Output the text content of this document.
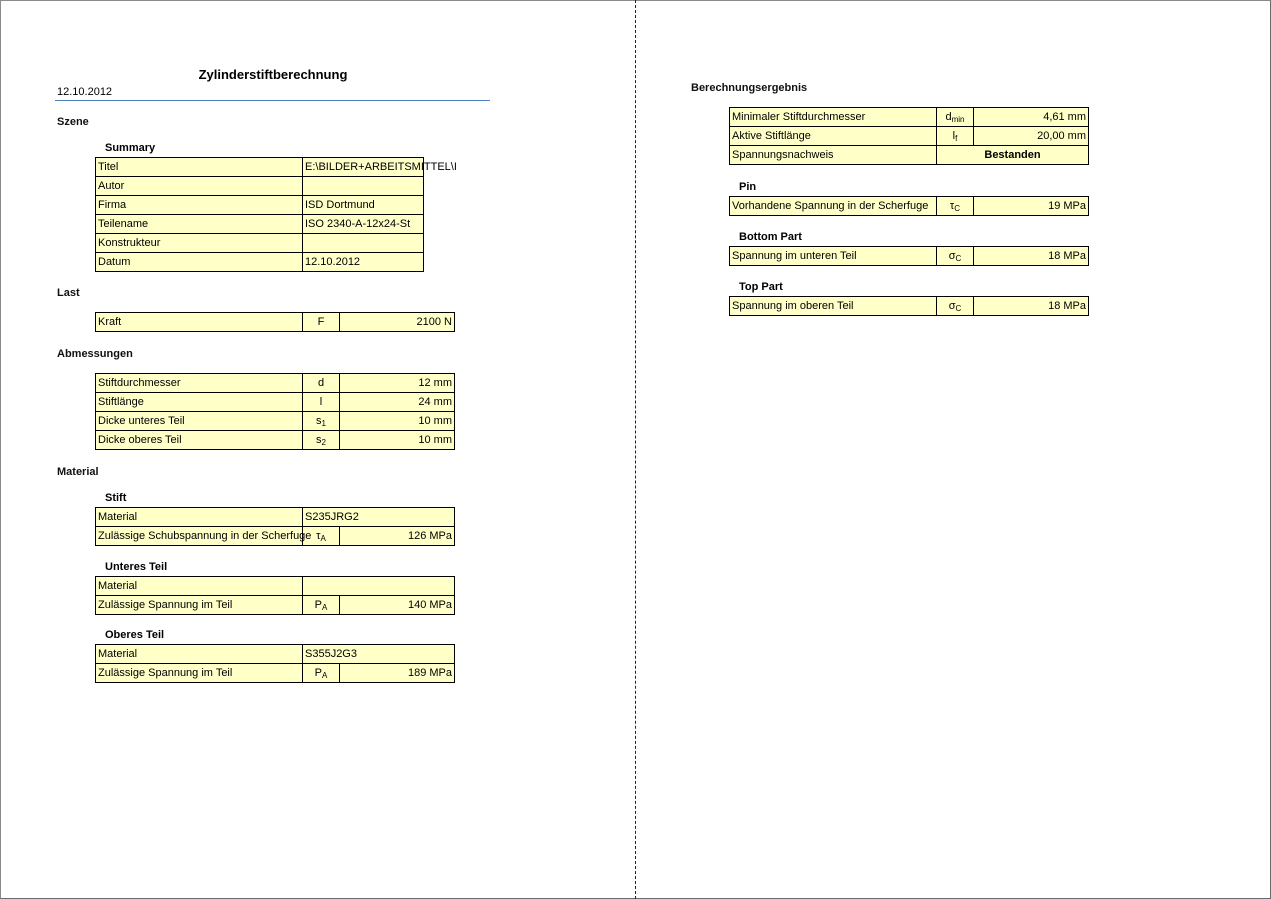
Zylinderstiftberechnung
12.10.2012
Szene
Summary
Titel	E:\BILDER+ARBEITSMITTEL\I
Autor	
Firma	ISD Dortmund
Teilename	ISO 2340-A-12x24-St
Konstrukteur	
Datum	12.10.2012
Last
Kraft	F	2100 N
Abmessungen
Stiftdurchmesser	d	12 mm
Stiftlänge	l	24 mm
Dicke unteres Teil	$s_1$	10 mm
Dicke oberes Teil	$s_2$	10 mm
Material
Stift
Material	S235JRG2	
Zulässige Schubspannung in der Scherfuge	$\tau_A$	126 MPa
Unteres Teil
Material		
Zulässige Spannung im Teil	$P_A$	140 MPa
Oberes Teil
Material	S355J2G3	
Zulässige Spannung im Teil	$P_A$	189 MPa
Berechnungsergebnis
Minimaler Stiftdurchmesser	$d_{min}$	4,61 mm
Aktive Stiftlänge	$l_f$	20,00 mm
Spannungsnachweis	Bestanden	
Pin
Vorhandene Spannung in der Scherfuge	$\tau_C$	19 MPa
Bottom Part
Spannung im unteren Teil	$\sigma_C$	18 MPa
Top Part
Spannung im oberen Teil	$\sigma_C$	18 MPa
